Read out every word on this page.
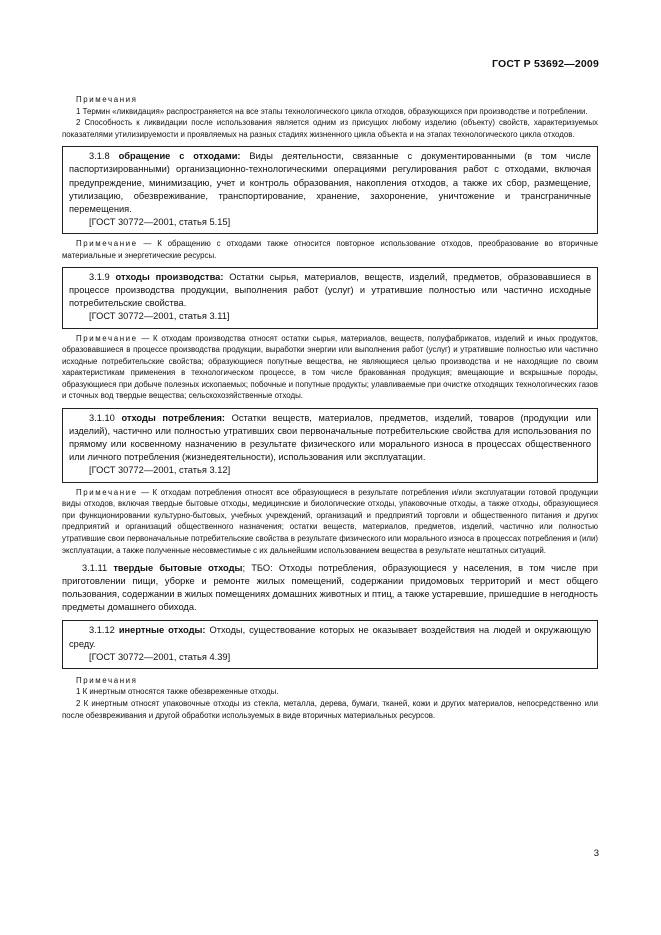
ГОСТ Р 53692—2009

Примечания

1 Термин «ликвидация» распространяется на все этапы технологического цикла отходов, образующихся при производстве и потреблении.

2 Способность к ликвидации после использования является одним из присущих любому изделию (объекту) свойств, характеризуемых показателями утилизируемости и проявляемых на разных стадиях жизненного цикла объекта и на этапах технологического цикла отходов.

3.1.8 обращение с отходами: Виды деятельности, связанные с документированными (в том числе паспортизированными) организационно-технологическими операциями регулирования работ с отходами, включая предупреждение, минимизацию, учет и контроль образования, накопления отходов, а также их сбор, размещение, утилизацию, обезвреживание, транспортирование, хранение, захоронение, уничтожение и трансграничные перемещения.

[ГОСТ 30772—2001, статья 5.15]

Примечание — К обращению с отходами также относится повторное использование отходов, преобразование во вторичные материальные и энергетические ресурсы.

3.1.9 отходы производства: Остатки сырья, материалов, веществ, изделий, предметов, образовавшиеся в процессе производства продукции, выполнения работ (услуг) и утратившие полностью или частично исходные потребительские свойства.

[ГОСТ 30772—2001, статья 3.11]

Примечание — К отходам производства относят остатки сырья, материалов, веществ, полуфабрикатов, изделий и иных продуктов, образовавшиеся в процессе производства продукции, выработки энергии или выполнения работ (услуг) и утратившие полностью или частично исходные потребительские свойства; образующиеся попутные вещества, не являющиеся целью производства и не находящие по своим характеристикам применения в технологическом процессе, в том числе бракованная продукция; вмещающие и вскрышные породы, образующиеся при добыче полезных ископаемых; побочные и попутные продукты; улавливаемые при очистке отходящих технологических газов и сточных вод твердые вещества; сельскохозяйственные отходы.

3.1.10 отходы потребления: Остатки веществ, материалов, предметов, изделий, товаров (продукции или изделий), частично или полностью утративших свои первоначальные потребительские свойства для использования по прямому или косвенному назначению в результате физического или морального износа в процессах общественного или личного потребления (жизнедеятельности), использования или эксплуатации.

[ГОСТ 30772—2001, статья 3.12]

Примечание — К отходам потребления относят все образующиеся в результате потребления и/или эксплуатации готовой продукции виды отходов, включая твердые бытовые отходы, медицинские и биологические отходы, упаковочные отходы, а также отходы, образующиеся при функционировании культурно-бытовых, учебных учреждений, организаций и предприятий торговли и общественного питания и других предприятий и организаций общественного назначения; остатки веществ, материалов, предметов, изделий, частично или полностью утратившие свои первоначальные потребительские свойства в результате физического или морального износа в процессах потребления и (или) эксплуатации, а также полученные несовместимые с их дальнейшим использованием вещества в результате нештатных ситуаций.

3.1.11 твердые бытовые отходы; ТБО: Отходы потребления, образующиеся у населения, в том числе при приготовлении пищи, уборке и ремонте жилых помещений, содержании придомовых территорий и мест общего пользования, содержании в жилых помещениях домашних животных и птиц, а также устаревшие, пришедшие в негодность предметы домашнего обихода.

3.1.12 инертные отходы: Отходы, существование которых не оказывает воздействия на людей и окружающую среду.

[ГОСТ 30772—2001, статья 4.39]

Примечания

1 К инертным относятся также обезвреженные отходы.

2 К инертным относят упаковочные отходы из стекла, металла, дерева, бумаги, тканей, кожи и других материалов, непосредственно или после обезвреживания и другой обработки используемых в виде вторичных материальных ресурсов.

3
